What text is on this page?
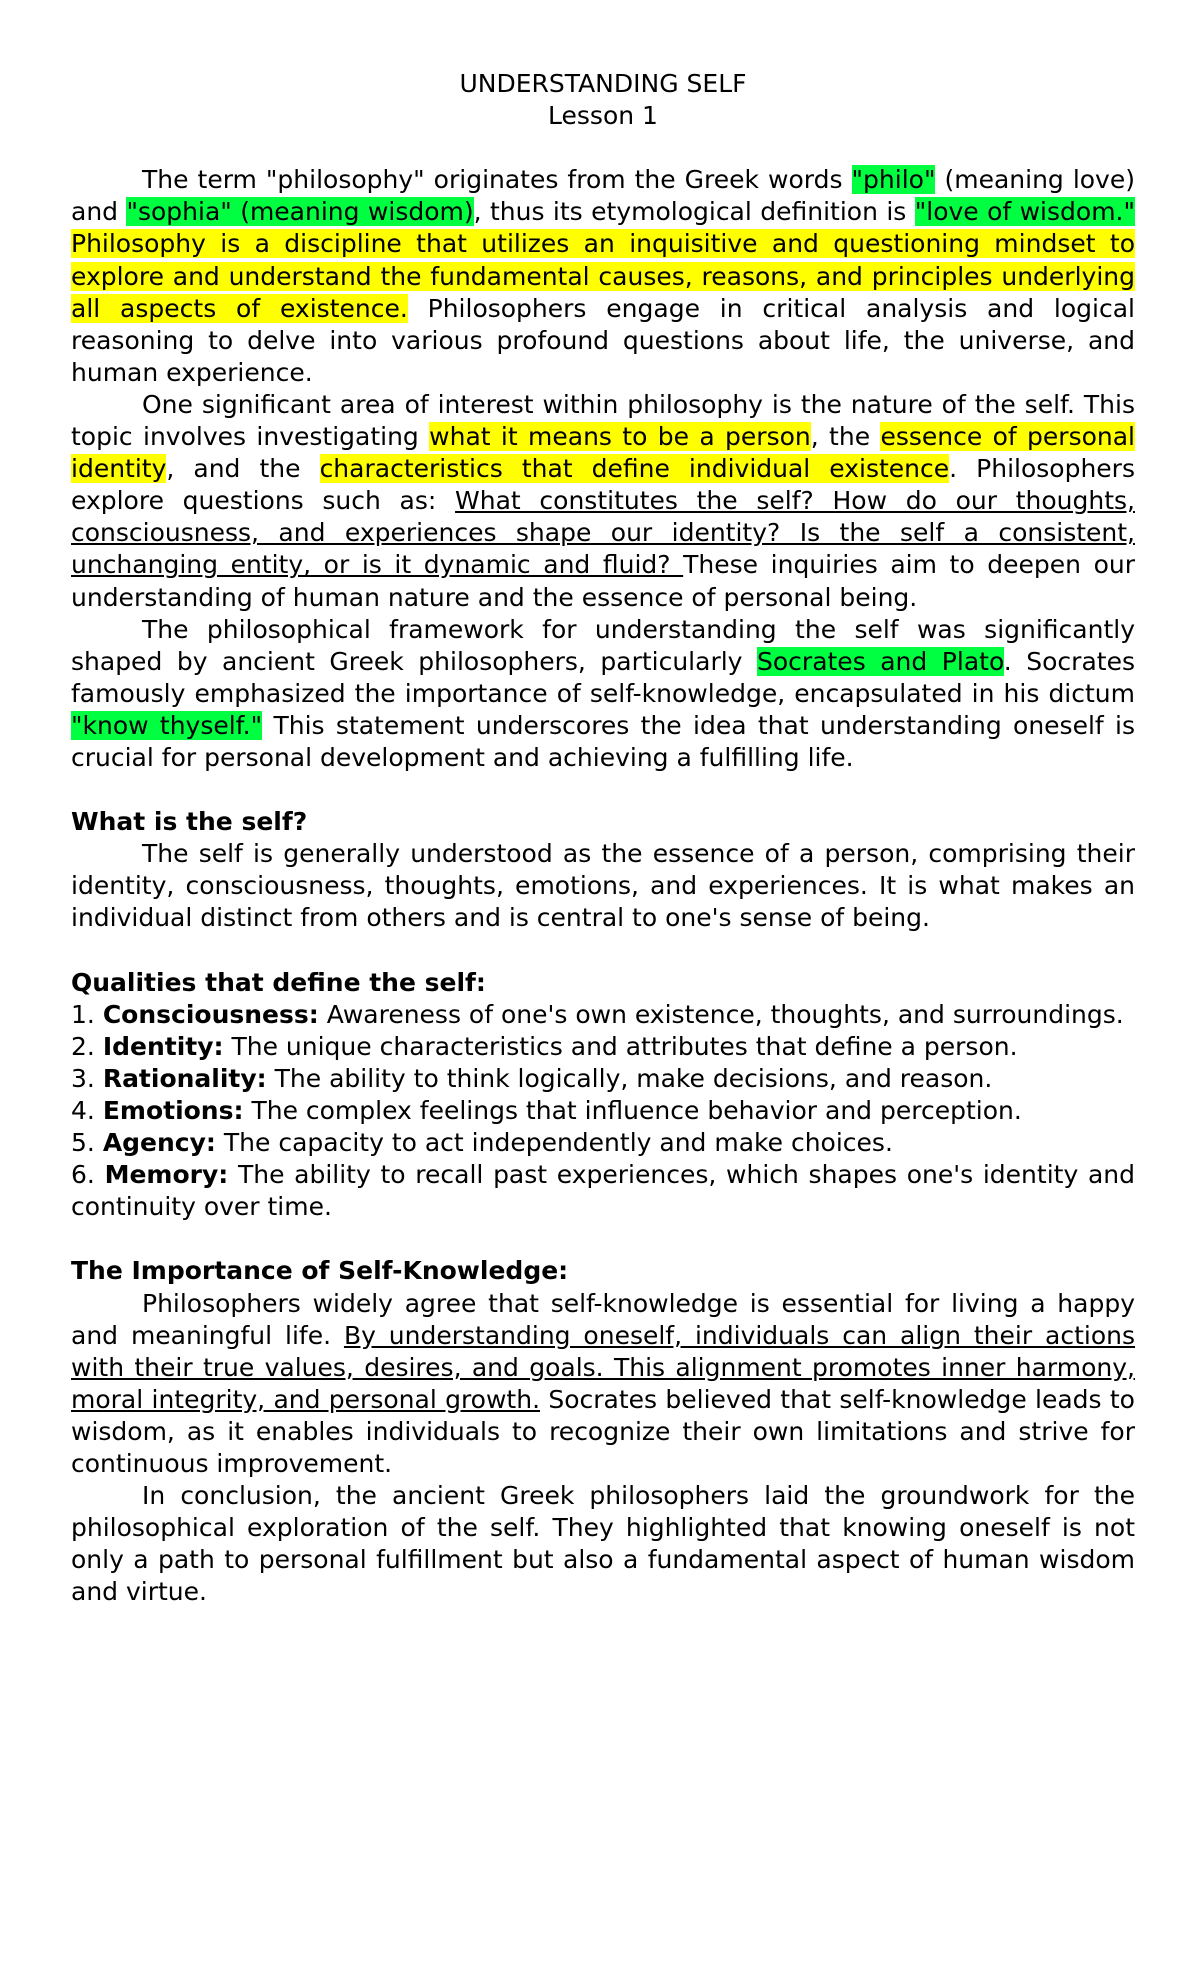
UNDERSTANDING SELF
Lesson 1

The term "philosophy" originates from the Greek words "philo" (meaning love) and "sophia" (meaning wisdom), thus its etymological definition is "love of wisdom." Philosophy is a discipline that utilizes an inquisitive and questioning mindset to explore and understand the fundamental causes, reasons, and principles underlying all aspects of existence. Philosophers engage in critical analysis and logical reasoning to delve into various profound questions about life, the universe, and human experience.

One significant area of interest within philosophy is the nature of the self. This topic involves investigating what it means to be a person, the essence of personal identity, and the characteristics that define individual existence. Philosophers explore questions such as: What constitutes the self? How do our thoughts, consciousness, and experiences shape our identity? Is the self a consistent, unchanging entity, or is it dynamic and fluid? These inquiries aim to deepen our understanding of human nature and the essence of personal being.

The philosophical framework for understanding the self was significantly shaped by ancient Greek philosophers, particularly Socrates and Plato. Socrates famously emphasized the importance of self-knowledge, encapsulated in his dictum "know thyself." This statement underscores the idea that understanding oneself is crucial for personal development and achieving a fulfilling life.

What is the self?

The self is generally understood as the essence of a person, comprising their identity, consciousness, thoughts, emotions, and experiences. It is what makes an individual distinct from others and is central to one's sense of being.

Qualities that define the self:

1. Consciousness: Awareness of one's own existence, thoughts, and surroundings.

2. Identity: The unique characteristics and attributes that define a person.

3. Rationality: The ability to think logically, make decisions, and reason.

4. Emotions: The complex feelings that influence behavior and perception.

5. Agency: The capacity to act independently and make choices.

6. Memory: The ability to recall past experiences, which shapes one's identity and continuity over time.

The Importance of Self-Knowledge:

Philosophers widely agree that self-knowledge is essential for living a happy and meaningful life. By understanding oneself, individuals can align their actions with their true values, desires, and goals. This alignment promotes inner harmony, moral integrity, and personal growth. Socrates believed that self-knowledge leads to wisdom, as it enables individuals to recognize their own limitations and strive for continuous improvement.

In conclusion, the ancient Greek philosophers laid the groundwork for the philosophical exploration of the self. They highlighted that knowing oneself is not only a path to personal fulfillment but also a fundamental aspect of human wisdom and virtue.
